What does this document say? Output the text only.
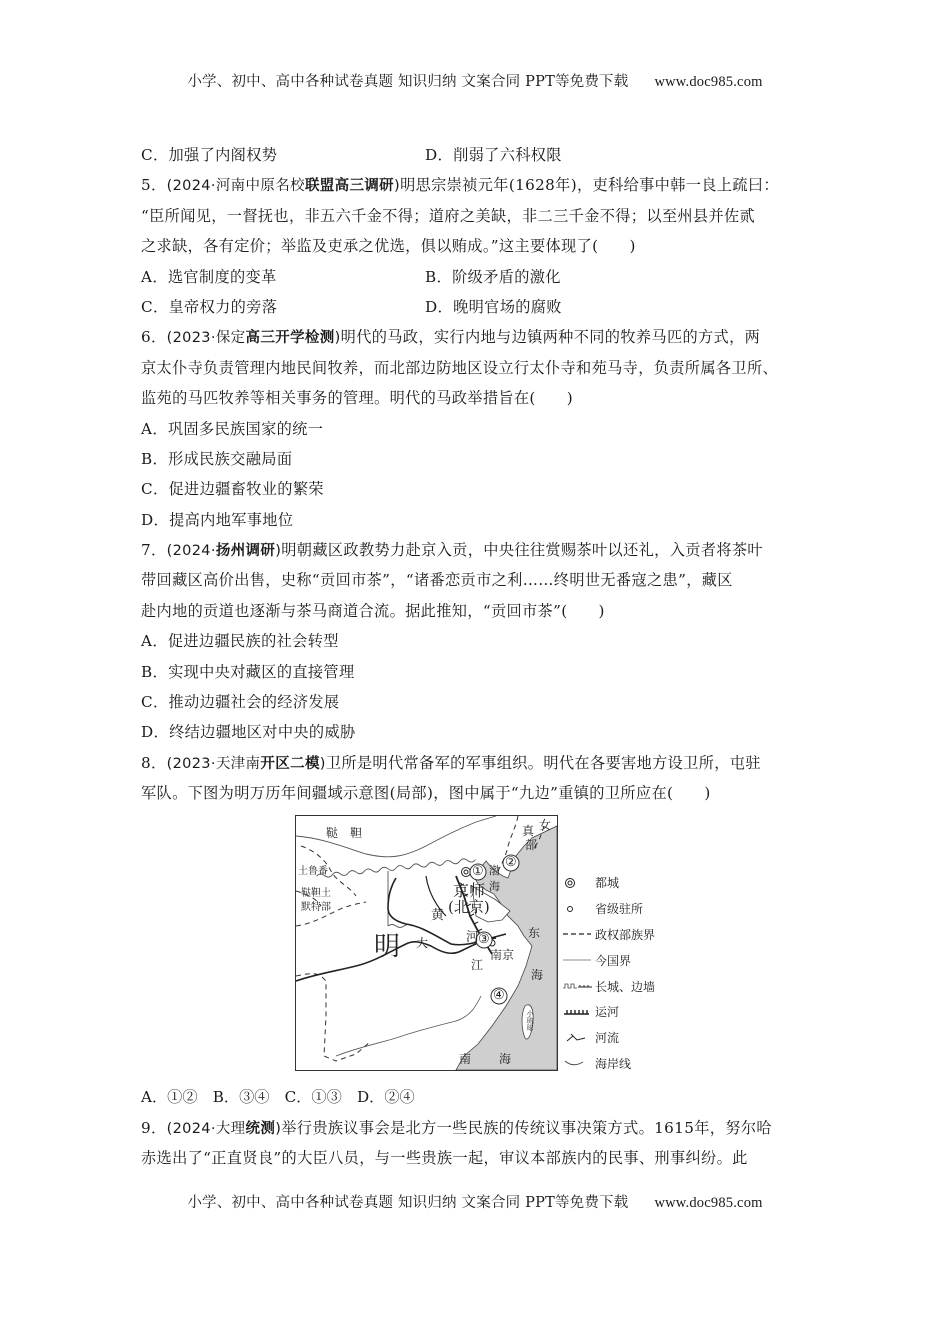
小学、初中、高中各种试卷真题 知识归纳 文案合同 PPT等免费下载 www.doc985.com
C．加强了内阁权势	D．削弱了六科权限
5．(2024·河南中原名校联盟高三调研)明思宗崇祯元年(1628年)，吏科给事中韩一良上疏曰：
“臣所闻见，一督抚也，非五六千金不得；道府之美缺，非二三千金不得；以至州县并佐贰
之求缺，各有定价；举监及吏承之优选，俱以贿成。”这主要体现了(　　)
A．选官制度的变革	B．阶级矛盾的激化
C．皇帝权力的旁落	D．晚明官场的腐败
6．(2023·保定高三开学检测)明代的马政，实行内地与边镇两种不同的牧养马匹的方式，两
京太仆寺负责管理内地民间牧养，而北部边防地区设立行太仆寺和苑马寺，负责所属各卫所、
监苑的马匹牧养等相关事务的管理。明代的马政举措旨在(　　)
A．巩固多民族国家的统一
B．形成民族交融局面
C．促进边疆畜牧业的繁荣
D．提高内地军事地位
7．(2024·扬州调研)明朝藏区政教势力赴京入贡，中央往往赏赐茶叶以还礼，入贡者将茶叶
带回藏区高价出售，史称“贡回市茶”，“诸番恋贡市之利……终明世无番寇之患”，藏区
赴内地的贡道也逐渐与茶马商道合流。据此推知，“贡回市茶”(　　)
A．促进边疆民族的社会转型
B．实现中央对藏区的直接管理
C．推动边疆社会的经济发展
D．终结边疆地区对中央的威胁
8．(2023·天津南开区二模)卫所是明代常备军的军事组织。明代在各要害地方设卫所，屯驻
军队。下图为明万历年间疆域示意图(局部)，图中属于“九边”重镇的卫所应在(　　)
鞑　靼
土鲁番
鞑靼土
默特部
真 女
部
京师
(北京)
黄
河
渤
海
明 大
江
南京
东
海
南 海
小琉球
①
②
③
④
都城
省级驻所
政权部族界
今国界
长城、边墙
运河
河流
海岸线
A．①②　B．③④　C．①③　D．②④
9．(2024·大理统测)举行贵族议事会是北方一些民族的传统议事决策方式。1615年，努尔哈
赤选出了“正直贤良”的大臣八员，与一些贵族一起，审议本部族内的民事、刑事纠纷。此
小学、初中、高中各种试卷真题 知识归纳 文案合同 PPT等免费下载 www.doc985.com
